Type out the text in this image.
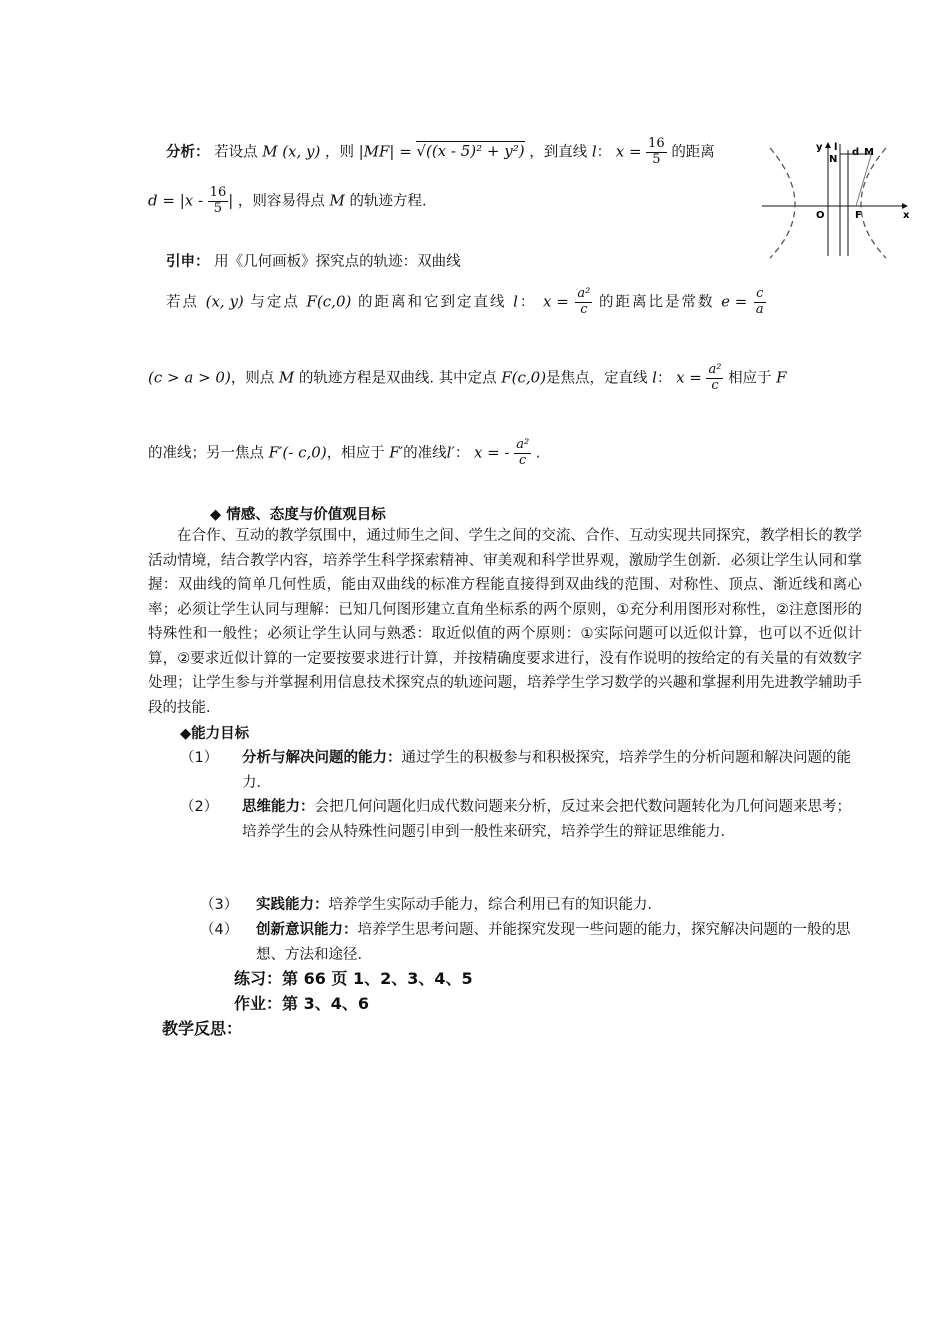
分析： 若设点 M (x, y) ，则 |MF| = √((x - 5)² + y²) ，到直线 l： $x = \frac{16}{5}$ 的距离
$d = |x - \frac{16}{5}$ | ，则容易得点 M 的轨迹方程.
y l
N
d M
O	F	x
引申： 用《几何画板》探究点的轨迹：双曲线
若点 (x, y) 与定点 F(c,0) 的距离和它到定直线 l： $x = \frac{\text{a²}}{c}$ 的距离比是常数 $e = \frac{c}{a}$
(c > a > 0)，则点 M 的轨迹方程是双曲线. 其中定点 F(c,0)是焦点，定直线 l： $x = \frac{\text{a²}}{c}$ 相应于 F
的准线；另一焦点 F′(- c,0)，相应于 F′的准线l′： x = - $\frac{\text{a²}}{c}$ .
◆ 情感、态度与价值观目标
在合作、互动的教学氛围中，通过师生之间、学生之间的交流、合作、互动实现共同探究，教学相长的教学活动情境，结合教学内容，培养学生科学探索精神、审美观和科学世界观，激励学生创新．必须让学生认同和掌握：双曲线的简单几何性质，能由双曲线的标准方程能直接得到双曲线的范围、对称性、顶点、渐近线和离心率；必须让学生认同与理解：已知几何图形建立直角坐标系的两个原则，①充分利用图形对称性，②注意图形的特殊性和一般性；必须让学生认同与熟悉：取近似值的两个原则：①实际问题可以近似计算，也可以不近似计算，②要求近似计算的一定要按要求进行计算，并按精确度要求进行，没有作说明的按给定的有关量的有效数字处理；让学生参与并掌握利用信息技术探究点的轨迹问题，培养学生学习数学的兴趣和掌握利用先进教学辅助手段的技能．
◆能力目标
（1） 分析与解决问题的能力：通过学生的积极参与和积极探究，培养学生的分析问题和解决问题的能力．
（2） 思维能力：会把几何问题化归成代数问题来分析，反过来会把代数问题转化为几何问题来思考；培养学生的会从特殊性问题引申到一般性来研究，培养学生的辩证思维能力．
（3） 实践能力：培养学生实际动手能力，综合利用已有的知识能力．
（4） 创新意识能力：培养学生思考问题、并能探究发现一些问题的能力，探究解决问题的一般的思想、方法和途径．
练习：第 66 页 1、2、3、4、5
作业：第 3、4、6
教学反思：
